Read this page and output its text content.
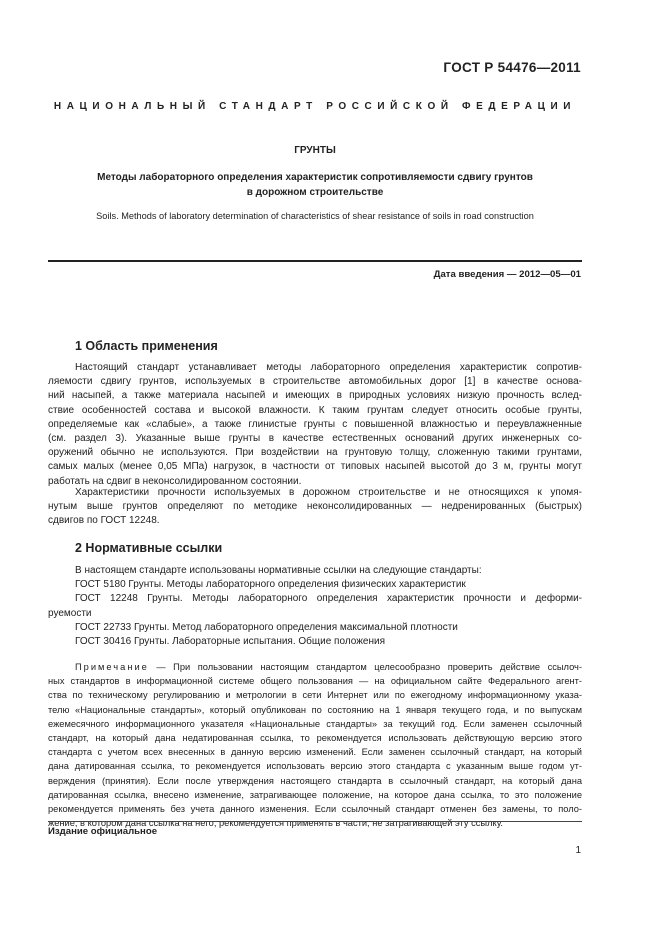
ГОСТ Р 54476—2011
НАЦИОНАЛЬНЫЙ СТАНДАРТ РОССИЙСКОЙ ФЕДЕРАЦИИ
ГРУНТЫ
Методы лабораторного определения характеристик сопротивляемости сдвигу грунтов
в дорожном строительстве
Soils. Methods of laboratory determination of characteristics of shear resistance of soils in road construction
Дата введения — 2012—05—01
1 Область применения
Настоящий стандарт устанавливает методы лабораторного определения характеристик сопротив-
ляемости сдвигу грунтов, используемых в строительстве автомобильных дорог [1] в качестве основа-
ний насыпей, а также материала насыпей и имеющих в природных условиях низкую прочность вслед-
ствие особенностей состава и высокой влажности. К таким грунтам следует относить особые грунты,
определяемые как «слабые», а также глинистые грунты с повышенной влажностью и переувлажненные
(см. раздел 3). Указанные выше грунты в качестве естественных оснований других инженерных со-
оружений обычно не используются. При воздействии на грунтовую толщу, сложенную такими грунтами,
самых малых (менее 0,05 МПа) нагрузок, в частности от типовых насыпей высотой до 3 м, грунты могут
работать на сдвиг в неконсолидированном состоянии.
Характеристики прочности используемых в дорожном строительстве и не относящихся к упомя-
нутым выше грунтов определяют по методике неконсолидированных — недренированных (быстрых)
сдвигов по ГОСТ 12248.
2 Нормативные ссылки
В настоящем стандарте использованы нормативные ссылки на следующие стандарты:
ГОСТ 5180 Грунты. Методы лабораторного определения физических характеристик
ГОСТ 12248 Грунты. Методы лабораторного определения характеристик прочности и деформи-
руемости
ГОСТ 22733 Грунты. Метод лабораторного определения максимальной плотности
ГОСТ 30416 Грунты. Лабораторные испытания. Общие положения
Примечание — При пользовании настоящим стандартом целесообразно проверить действие ссылоч-
ных стандартов в информационной системе общего пользования — на официальном сайте Федерального агент-
ства по техническому регулированию и метрологии в сети Интернет или по ежегодному информационному указа-
телю «Национальные стандарты», который опубликован по состоянию на 1 января текущего года, и по выпускам
ежемесячного информационного указателя «Национальные стандарты» за текущий год. Если заменен ссылочный
стандарт, на который дана недатированная ссылка, то рекомендуется использовать действующую версию этого
стандарта с учетом всех внесенных в данную версию изменений. Если заменен ссылочный стандарт, на который
дана датированная ссылка, то рекомендуется использовать версию этого стандарта с указанным выше годом ут-
верждения (принятия). Если после утверждения настоящего стандарта в ссылочный стандарт, на который дана
датированная ссылка, внесено изменение, затрагивающее положение, на которое дана ссылка, то это положение
рекомендуется применять без учета данного изменения. Если ссылочный стандарт отменен без замены, то поло-
жение, в котором дана ссылка на него, рекомендуется применять в части, не затрагивающей эту ссылку.
Издание официальное
1
